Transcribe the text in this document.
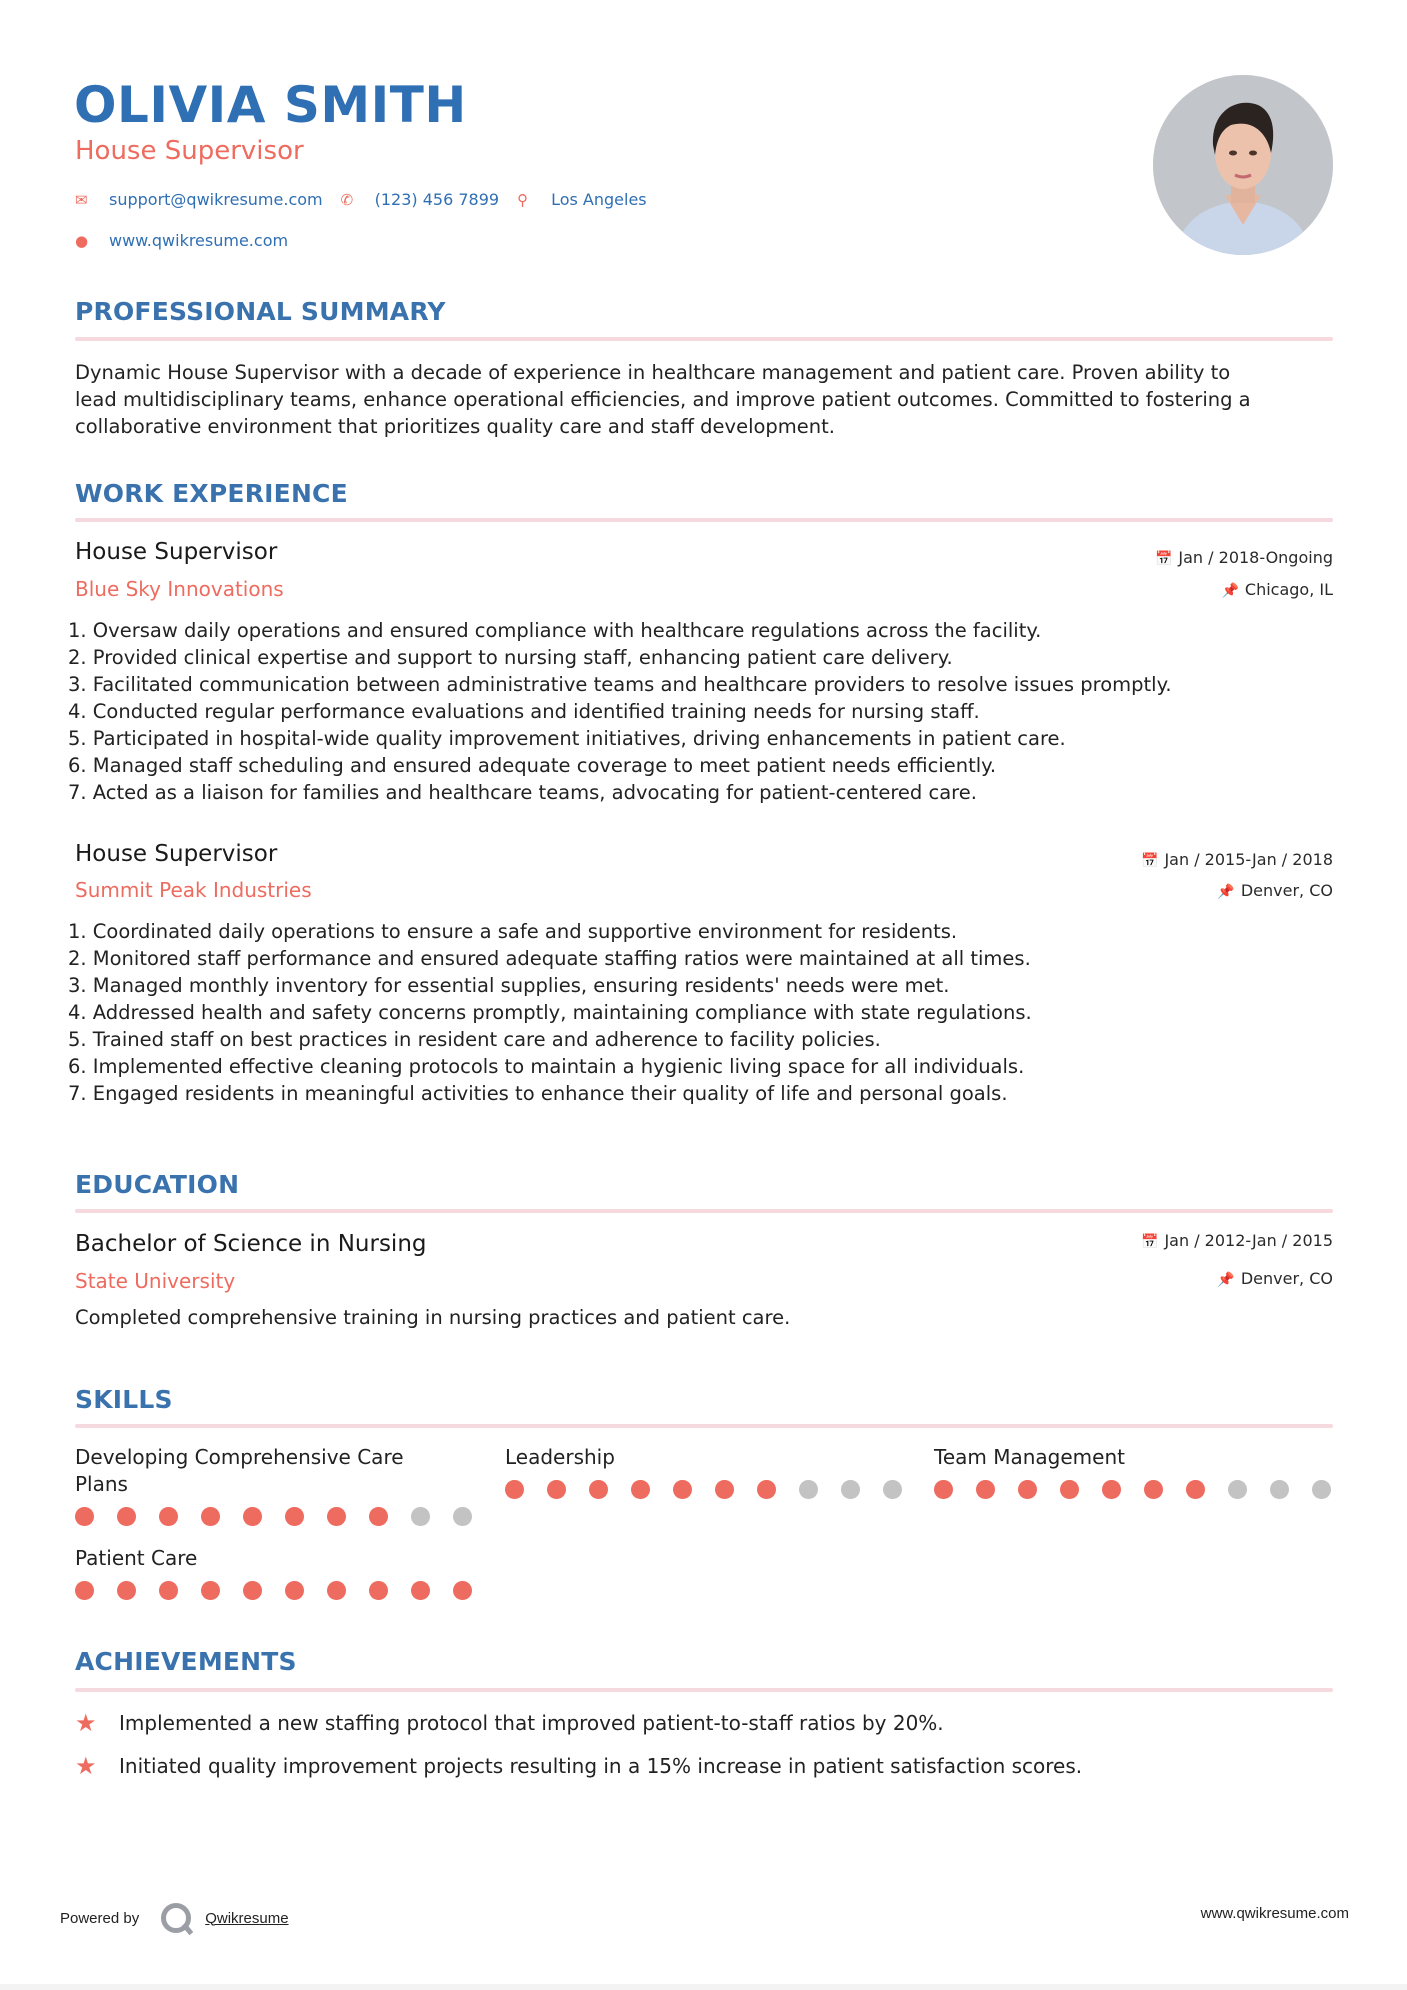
OLIVIA SMITH
House Supervisor
✉ support@qwikresume.com ✆ (123) 456 7899 ⚲ Los Angeles
●	www.qwikresume.com
PROFESSIONAL SUMMARY
Dynamic House Supervisor with a decade of experience in healthcare management and patient care. Proven ability to
lead multidisciplinary teams, enhance operational efficiencies, and improve patient outcomes. Committed to fostering a
collaborative environment that prioritizes quality care and staff development.
WORK EXPERIENCE
House Supervisor
Blue Sky Innovations
📅 Jan / 2018-Ongoing
📌 Chicago, IL
1. Oversaw daily operations and ensured compliance with healthcare regulations across the facility.
2. Provided clinical expertise and support to nursing staff, enhancing patient care delivery.
3. Facilitated communication between administrative teams and healthcare providers to resolve issues promptly.
4. Conducted regular performance evaluations and identified training needs for nursing staff.
5. Participated in hospital-wide quality improvement initiatives, driving enhancements in patient care.
6. Managed staff scheduling and ensured adequate coverage to meet patient needs efficiently.
7. Acted as a liaison for families and healthcare teams, advocating for patient-centered care.
House Supervisor
Summit Peak Industries
📅 Jan / 2015-Jan / 2018
📌 Denver, CO
1. Coordinated daily operations to ensure a safe and supportive environment for residents.
2. Monitored staff performance and ensured adequate staffing ratios were maintained at all times.
3. Managed monthly inventory for essential supplies, ensuring residents' needs were met.
4. Addressed health and safety concerns promptly, maintaining compliance with state regulations.
5. Trained staff on best practices in resident care and adherence to facility policies.
6. Implemented effective cleaning protocols to maintain a hygienic living space for all individuals.
7. Engaged residents in meaningful activities to enhance their quality of life and personal goals.
EDUCATION
Bachelor of Science in Nursing
State University
📅 Jan / 2012-Jan / 2015
📌 Denver, CO
Completed comprehensive training in nursing practices and patient care.
SKILLS
Developing Comprehensive Care
Plans
Leadership	Team Management
Patient Care
ACHIEVEMENTS
★	Implemented a new staffing protocol that improved patient-to-staff ratios by 20%.
★	Initiated quality improvement projects resulting in a 15% increase in patient satisfaction scores.
Powered by	Qwikresume	www.qwikresume.com
